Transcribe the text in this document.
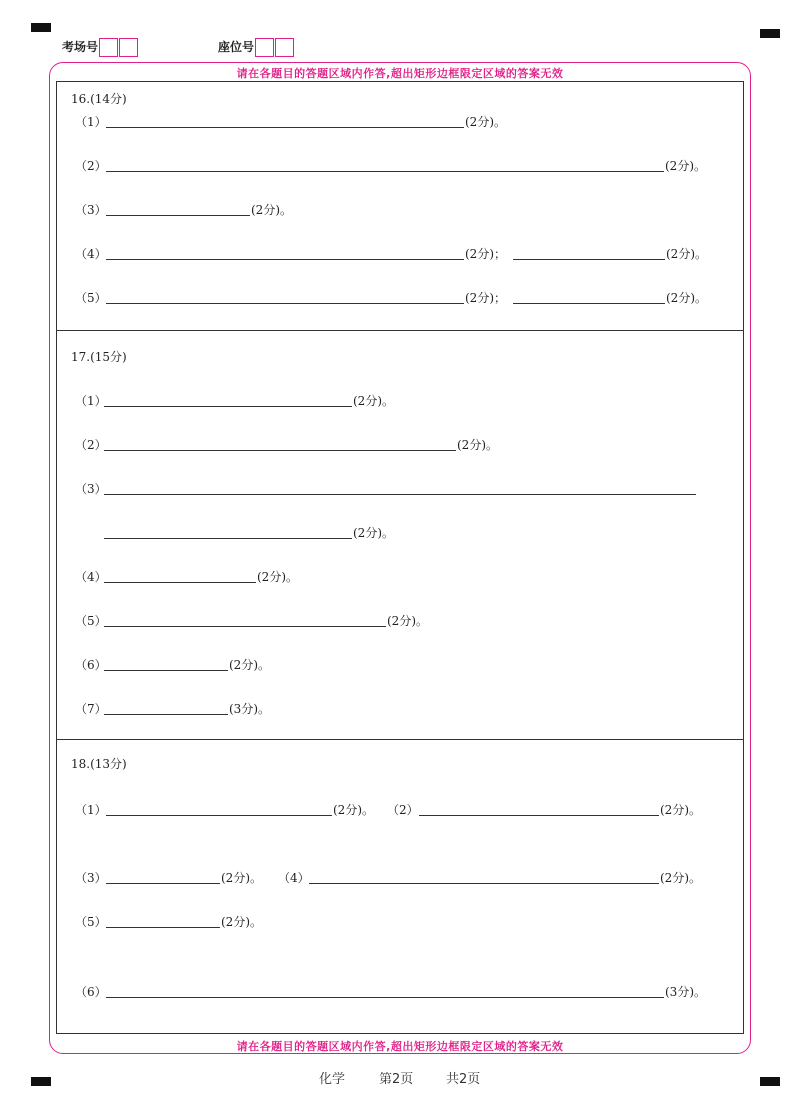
考场号	座位号
请在各题目的答题区域内作答,超出矩形边框限定区域的答案无效
请在各题目的答题区域内作答,超出矩形边框限定区域的答案无效
16.(14分)
（1）	(2分)。
（2）	(2分)。
（3）	(2分)。
（4）	(2分)；	(2分)。
（5）	(2分)；	(2分)。
17.(15分)
（1）	(2分)。
（2）	(2分)。
（3）
(2分)。
（4）	(2分)。
（5）	(2分)。
（6）	(2分)。
（7）	(3分)。
18.(13分)
（1）	(2分)。 （2）	(2分)。
（3）	(2分)。 （4）	(2分)。
（5）	(2分)。
（6）	(3分)。
化学	第2页	共2页
